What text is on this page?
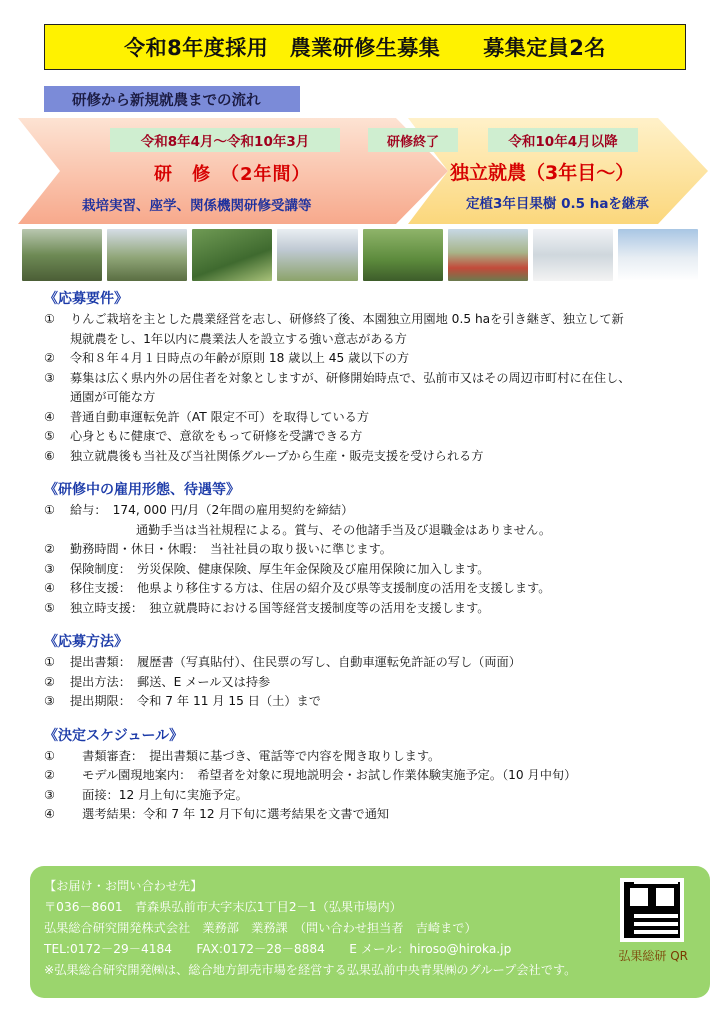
令和8年度採用　農業研修生募集　　募集定員2名
研修から新規就農までの流れ
令和8年4月～令和10年3月	研修終了	令和10年4月以降
研　修　（2年間）
栽培実習、座学、関係機関研修受講等
独立就農（3年目～）
定植3年目果樹 0.5 haを継承
《応募要件》
①	りんご栽培を主とした農業経営を志し、研修終了後、本園独立用園地 0.5 haを引き継ぎ、独立して新
規就農をし、1年以内に農業法人を設立する強い意志がある方
②	令和８年４月１日時点の年齢が原則 18 歳以上 45 歳以下の方
③	募集は広く県内外の居住者を対象としますが、研修開始時点で、弘前市又はその周辺市町村に在住し、
通園が可能な方
④	普通自動車運転免許（AT 限定不可）を取得している方
⑤	心身ともに健康で、意欲をもって研修を受講できる方
⑥	独立就農後も当社及び当社関係グループから生産・販売支援を受けられる方
《研修中の雇用形態、待遇等》
①	給与：　174, 000 円/月（2年間の雇用契約を締結）
通勤手当は当社規程による。賞与、その他諸手当及び退職金はありません。
②	勤務時間・休日・休暇：　当社社員の取り扱いに準じます。
③	保険制度：　労災保険、健康保険、厚生年金保険及び雇用保険に加入します。
④	移住支援：　他県より移住する方は、住居の紹介及び県等支援制度の活用を支援します。
⑤	独立時支援：　独立就農時における国等経営支援制度等の活用を支援します。
《応募方法》
①	提出書類：　履歴書（写真貼付）、住民票の写し、自動車運転免許証の写し（両面）
②	提出方法：　郵送、E メール又は持参
③	提出期限：　令和 7 年 11 月 15 日（土）まで
《決定スケジュール》
①	　書類審査：　提出書類に基づき、電話等で内容を聞き取りします。
②	　モデル園現地案内：　希望者を対象に現地説明会・お試し作業体験実施予定。（10 月中旬）
③	　面接：12 月上旬に実施予定。
④	　選考結果：令和 7 年 12 月下旬に選考結果を文書で通知
【お届け・お問い合わせ先】
〒036－8601　青森県弘前市大字末広1丁目2－1（弘果市場内）
弘果総合研究開発株式会社　業務部　業務課　（問い合わせ担当者　吉崎まで）
TEL:0172－29－4184　　FAX:0172－28－8884　　E メール：hiroso@hiroka.jp
※弘果総合研究開発㈱は、総合地方卸売市場を経営する弘果弘前中央青果㈱のグループ会社です。
弘果総研 QR
